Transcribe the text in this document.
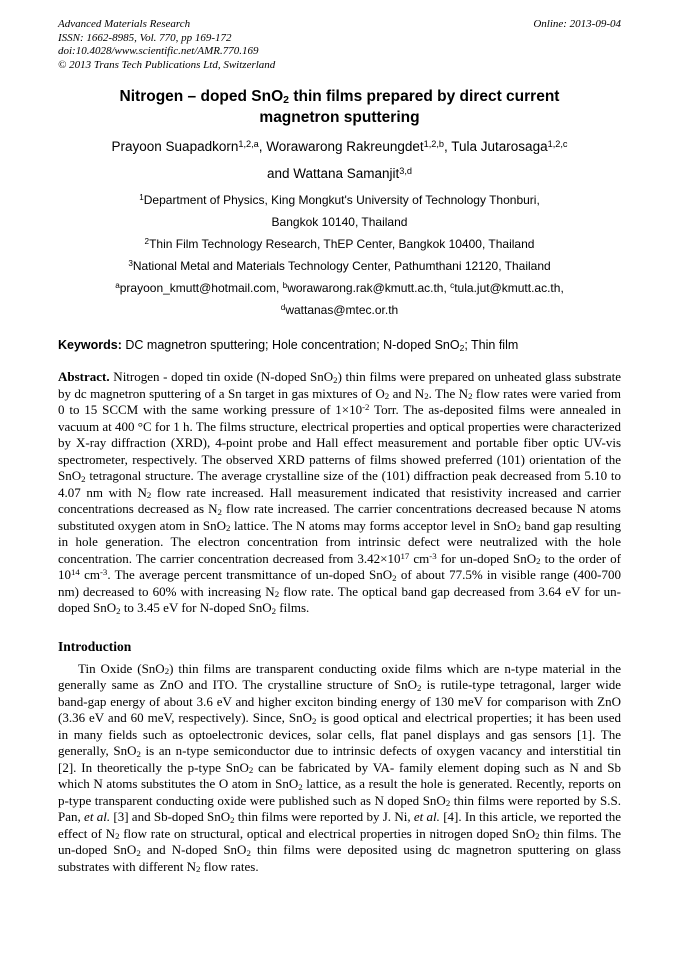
Advanced Materials Research	Online: 2013-09-04
ISSN: 1662-8985, Vol. 770, pp 169-172
doi:10.4028/www.scientific.net/AMR.770.169
© 2013 Trans Tech Publications Ltd, Switzerland
Nitrogen – doped SnO$_2$ thin films prepared by direct current
magnetron sputtering
Prayoon Suapadkorn$^{1,2,a}$, Worawarong Rakreungdet$^{1,2,b}$, Tula Jutarosaga$^{1,2,c}$
and Wattana Samanjit$^{3,d}$
$^1$Department of Physics, King Mongkut's University of Technology Thonburi,
Bangkok 10140, Thailand
$^2$Thin Film Technology Research, ThEP Center, Bangkok 10400, Thailand
$^3$National Metal and Materials Technology Center, Pathumthani 12120, Thailand
$^a$prayoon_kmutt@hotmail.com, $^b$worawarong.rak@kmutt.ac.th, $^c$tula.jut@kmutt.ac.th,
$^d$wattanas@mtec.or.th
Keywords: DC magnetron sputtering; Hole concentration; N-doped SnO$_2$; Thin film

Abstract. Nitrogen - doped tin oxide (N-doped SnO$_2$) thin films were prepared on unheated glass substrate by dc magnetron sputtering of a Sn target in gas mixtures of $O_2$ and $N_2$. The $N_2$ flow rates were varied from 0 to 15 SCCM with the same working pressure of $1\times 10^{-2}$ Torr. The as-deposited films were annealed in vacuum at 400 °C for 1 h. The films structure, electrical properties and optical properties were characterized by X-ray diffraction (XRD), 4-point probe and Hall effect measurement and portable fiber optic UV-vis spectrometer, respectively. The observed XRD patterns of films showed preferred (101) orientation of the SnO$_2$ tetragonal structure. The average crystalline size of the (101) diffraction peak decreased from 5.10 to 4.07 nm with $N_2$ flow rate increased. Hall measurement indicated that resistivity increased and carrier concentrations decreased as $N_2$ flow rate increased. The carrier concentrations decreased because N atoms substituted oxygen atom in SnO$_2$ lattice. The N atoms may forms acceptor level in SnO$_2$ band gap resulting in hole generation. The electron concentration from intrinsic defect were neutralized with the hole concentration. The carrier concentration decreased from $3.42\times 10^{17}$ $cm^{-3}$ for un-doped SnO$_2$ to the order of $10^{14}$ $cm^{-3}$. The average percent transmittance of un-doped SnO$_2$ of about 77.5% in visible range (400-700 nm) decreased to 60% with increasing $N_2$ flow rate. The optical band gap decreased from 3.64 eV for un-doped SnO$_2$ to 3.45 eV for N-doped SnO$_2$ films.

Introduction

Tin Oxide (SnO$_2$) thin films are transparent conducting oxide films which are n-type material in the generally same as ZnO and ITO. The crystalline structure of SnO$_2$ is rutile-type tetragonal, larger wide band-gap energy of about 3.6 eV and higher exciton binding energy of 130 meV for comparison with ZnO (3.36 eV and 60 meV, respectively). Since, SnO$_2$ is good optical and electrical properties; it has been used in many fields such as optoelectronic devices, solar cells, flat panel displays and gas sensors [1]. The generally, SnO$_2$ is an n-type semiconductor due to intrinsic defects of oxygen vacancy and interstitial tin [2]. In theoretically the p-type SnO$_2$ can be fabricated by VA- family element doping such as N and Sb which N atoms substitutes the O atom in SnO$_2$ lattice, as a result the hole is generated. Recently, reports on p-type transparent conducting oxide were published such as N doped SnO$_2$ thin films were reported by S.S. Pan, et al. [3] and Sb-doped SnO$_2$ thin films were reported by J. Ni, et al. [4]. In this article, we reported the effect of $N_2$ flow rate on structural, optical and electrical properties in nitrogen doped SnO$_2$ thin films. The un-doped SnO$_2$ and N-doped SnO$_2$ thin films were deposited using dc magnetron sputtering on glass substrates with different $N_2$ flow rates.
